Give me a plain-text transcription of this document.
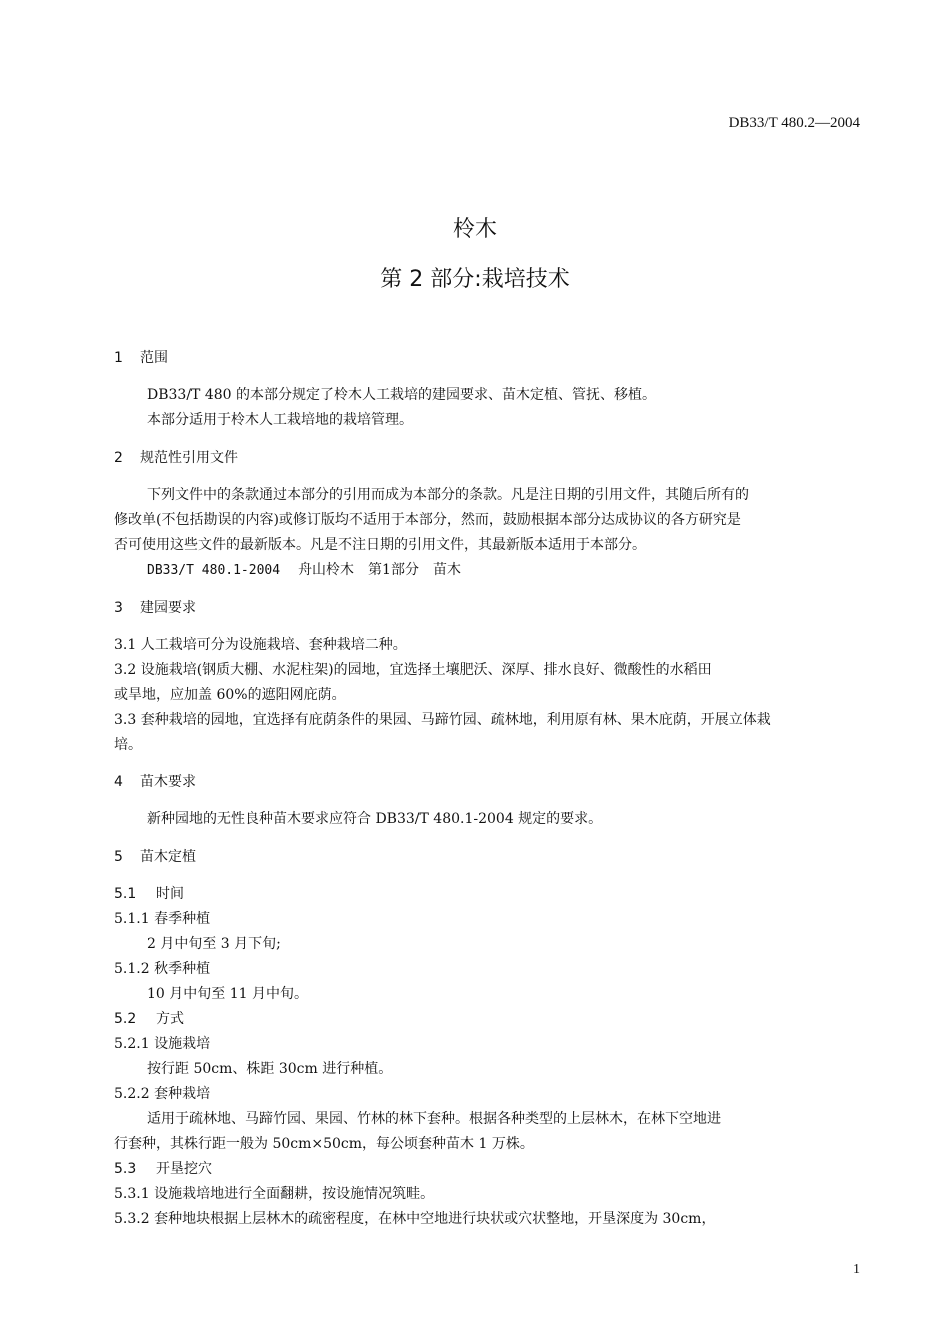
DB33/T 480.2—2004
柃木
第 2 部分:栽培技术
1 范围
DB33/T 480 的本部分规定了柃木人工栽培的建园要求、苗木定植、管抚、移植。
本部分适用于柃木人工栽培地的栽培管理。
2 规范性引用文件
下列文件中的条款通过本部分的引用而成为本部分的条款。凡是注日期的引用文件，其随后所有的
修改单(不包括勘误的内容)或修订版均不适用于本部分，然而，鼓励根据本部分达成协议的各方研究是
否可使用这些文件的最新版本。凡是不注日期的引用文件，其最新版本适用于本部分。
DB33/T 480.1-2004 舟山柃木　第1部分　苗木
3 建园要求
3.1 人工栽培可分为设施栽培、套种栽培二种。
3.2 设施栽培(钢质大棚、水泥柱架)的园地，宜选择土壤肥沃、深厚、排水良好、微酸性的水稻田
或旱地，应加盖 60%的遮阳网庇荫。
3.3 套种栽培的园地，宜选择有庇荫条件的果园、马蹄竹园、疏林地，利用原有林、果木庇荫，开展立体栽
培。
4 苗木要求
新种园地的无性良种苗木要求应符合 DB33/T 480.1-2004 规定的要求。
5 苗木定植
5.1 时间
5.1.1 春季种植
2 月中旬至 3 月下旬;
5.1.2 秋季种植
10 月中旬至 11 月中旬。
5.2 方式
5.2.1 设施栽培
按行距 50cm、株距 30cm 进行种植。
5.2.2 套种栽培
适用于疏林地、马蹄竹园、果园、竹林的林下套种。根据各种类型的上层林木，在林下空地进
行套种，其株行距一般为 50cm×50cm，每公顷套种苗木 1 万株。
5.3 开垦挖穴
5.3.1 设施栽培地进行全面翻耕，按设施情况筑畦。
5.3.2 套种地块根据上层林木的疏密程度，在林中空地进行块状或穴状整地，开垦深度为 30cm，
1
